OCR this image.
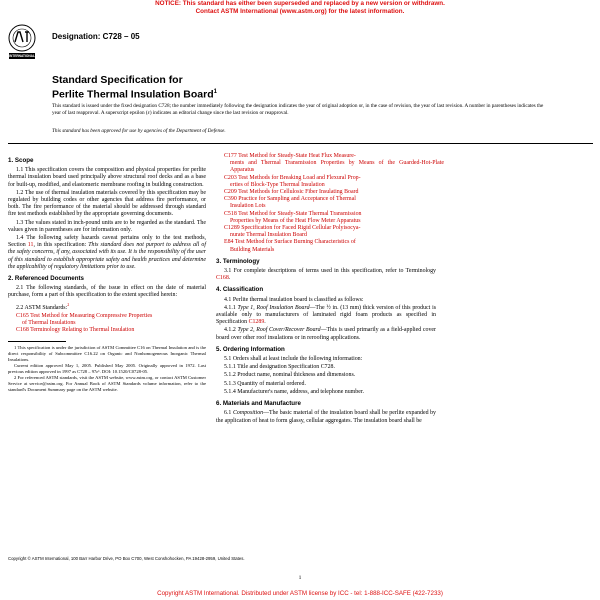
NOTICE: This standard has either been superseded and replaced by a new version or withdrawn.
Contact ASTM International (www.astm.org) for the latest information.
INTERNATIONAL
Designation: C728 – 05
Standard Specification for
Perlite Thermal Insulation Board$^1$
This standard is issued under the fixed designation C728; the number immediately following the designation indicates the year of original adoption or, in the case of revision, the year of last revision. A number in parentheses indicates the year of last reapproval. A superscript epsilon (ε) indicates an editorial change since the last revision or reapproval.
This standard has been approved for use by agencies of the Department of Defense.
1. Scope

1.1 This specification covers the composition and physical properties for perlite thermal insulation board used principally above structural roof decks and as a base for built-up, modified, and elastomeric membrane roofing in building construction.

1.2 The use of thermal insulation materials covered by this specification may be regulated by building codes or other agencies that address fire performance, or both. The fire performance of the material should be addressed through standard fire test methods established by the appropriate governing documents.

1.3 The values stated in inch-pound units are to be regarded as the standard. The values given in parentheses are for information only.

1.4 The following safety hazards caveat pertains only to the test methods, Section 11, in this specification: This standard does not purport to address all of the safety concerns, if any, associated with its use. It is the responsibility of the user of this standard to establish appropriate safety and health practices and determine the applicability of regulatory limitations prior to use.

2. Referenced Documents

2.1 The following standards, of the issue in effect on the date of material purchase, form a part of this specification to the extent specified herein:

2.2 ASTM Standards:$^2$

C165 Test Method for Measuring Compressive Properties
of Thermal Insulations

C168 Terminology Relating to Thermal Insulation

1 This specification is under the jurisdiction of ASTM Committee C16 on Thermal Insulation and is the direct responsibility of Subcommittee C16.22 on Organic and Nonhomogeneous Inorganic Thermal Insulations.

Current edition approved May 1, 2005. Published May 2005. Originally approved in 1972. Last previous edition approved in 1997 as C728 – 97ε¹. DOI: 10.1520/C0728-05.

2 For referenced ASTM standards, visit the ASTM website, www.astm.org, or contact ASTM Customer Service at service@astm.org. For Annual Book of ASTM Standards volume information, refer to the standard's Document Summary page on the ASTM website.

C177 Test Method for Steady-State Heat Flux Measure-
ments and Thermal Transmission Properties by Means of the Guarded-Hot-Plate Apparatus

C203 Test Methods for Breaking Load and Flexural Prop-
erties of Block-Type Thermal Insulation

C209 Test Methods for Cellulosic Fiber Insulating Board

C390 Practice for Sampling and Acceptance of Thermal
Insulation Lots

C518 Test Method for Steady-State Thermal Transmission
Properties by Means of the Heat Flow Meter Apparatus

C1289 Specification for Faced Rigid Cellular Polyisocya-
nurate Thermal Insulation Board

E84 Test Method for Surface Burning Characteristics of
Building Materials

3. Terminology

3.1 For complete descriptions of terms used in this specification, refer to Terminology C168.

4. Classification

4.1 Perlite thermal insulation board is classified as follows:

4.1.1 Type 1, Roof Insulation Board—The ½ in. (13 mm) thick version of this product is available only to manufacturers of laminated rigid foam products as specified in Specification C1289.

4.1.2 Type 2, Roof Cover/Recover Board—This is used primarily as a field-applied cover board over other roof insulations or in reroofing applications.

5. Ordering Information

5.1 Orders shall at least include the following information:

5.1.1 Title and designation Specification C728.

5.1.2 Product name, nominal thickness and dimensions.

5.1.3 Quantity of material ordered.

5.1.4 Manufacturer's name, address, and telephone number.

6. Materials and Manufacture

6.1 Composition—The basic material of the insulation board shall be perlite expanded by the application of heat to form glassy, cellular aggregates. The insulation board shall be

Copyright © ASTM International, 100 Barr Harbor Drive, PO Box C700, West Conshohocken, PA 19428-2959, United States.
1
Copyright ASTM International. Distributed under ASTM license by ICC - tel: 1-888-ICC-SAFE (422-7233)
